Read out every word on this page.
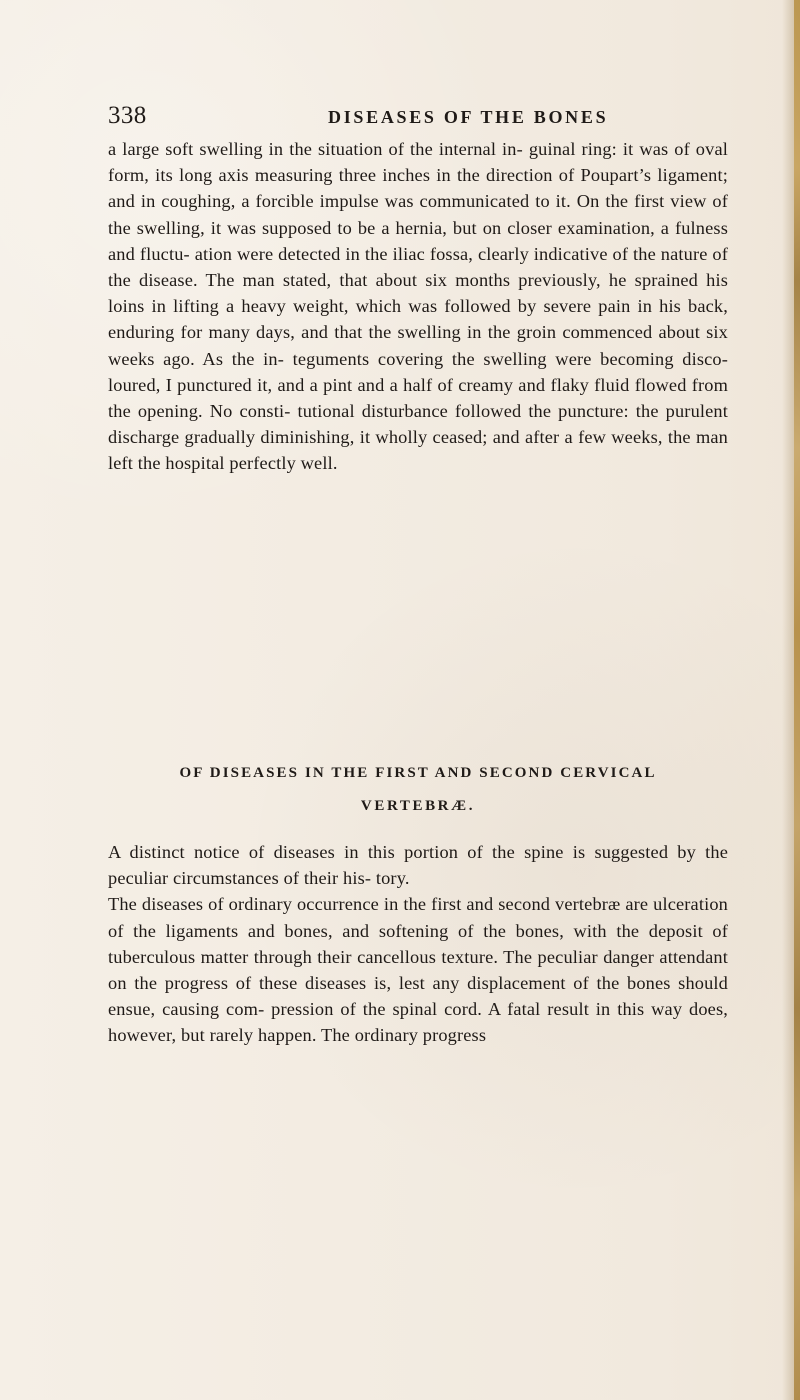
338	DISEASES OF THE BONES

a large soft swelling in the situation of the internal in- guinal ring: it was of oval form, its long axis measuring three inches in the direction of Poupart’s ligament; and in coughing, a forcible impulse was communicated to it. On the first view of the swelling, it was supposed to be a hernia, but on closer examination, a fulness and fluctu- ation were detected in the iliac fossa, clearly indicative of the nature of the disease. The man stated, that about six months previously, he sprained his loins in lifting a heavy weight, which was followed by severe pain in his back, enduring for many days, and that the swelling in the groin commenced about six weeks ago. As the in- teguments covering the swelling were becoming disco- loured, I punctured it, and a pint and a half of creamy and flaky fluid flowed from the opening. No consti- tutional disturbance followed the puncture: the purulent discharge gradually diminishing, it wholly ceased; and after a few weeks, the man left the hospital perfectly well.

OF DISEASES IN THE FIRST AND SECOND CERVICAL
VERTEBRÆ.

A distinct notice of diseases in this portion of the spine is suggested by the peculiar circumstances of their his- tory.

The diseases of ordinary occurrence in the first and second vertebræ are ulceration of the ligaments and bones, and softening of the bones, with the deposit of tuberculous matter through their cancellous texture. The peculiar danger attendant on the progress of these diseases is, lest any displacement of the bones should ensue, causing com- pression of the spinal cord. A fatal result in this way does, however, but rarely happen. The ordinary progress
